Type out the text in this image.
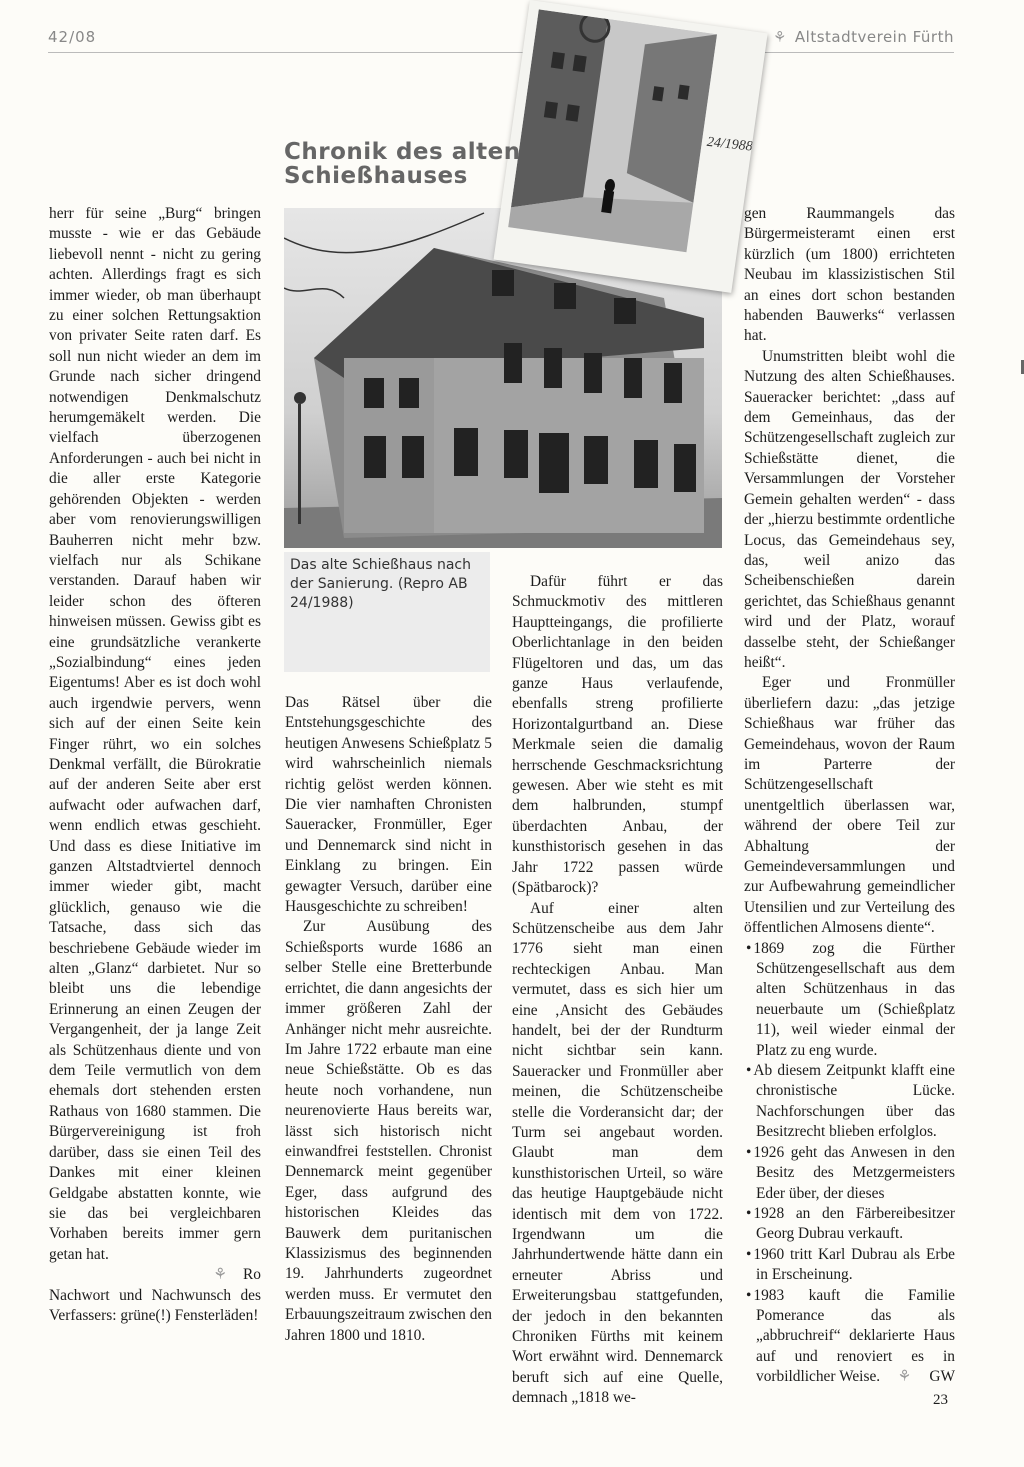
42/08	⚘ Altstadtverein Fürth
Das alte Schießhaus nach der Sanierung. (Repro AB 24/1988)
24/1988
Chronik des alten
Schießhauses

herr für seine „Burg“ bringen musste - wie er das Gebäude liebevoll nennt - nicht zu gering achten. Allerdings fragt es sich immer wieder, ob man überhaupt zu einer solchen Rettungsaktion von privater Seite raten darf. Es soll nun nicht wieder an dem im Grunde nach sicher dringend notwendigen Denkmalschutz herumgemäkelt werden. Die vielfach überzogenen Anforderungen - auch bei nicht in die aller erste Kategorie gehörenden Objekten - werden aber vom renovierungswilligen Bauherren nicht mehr bzw. vielfach nur als Schikane verstanden. Darauf haben wir leider schon des öfteren hinweisen müssen. Gewiss gibt es eine grundsätzliche verankerte „Sozialbindung“ eines jeden Eigentums! Aber es ist doch wohl auch irgendwie pervers, wenn sich auf der einen Seite kein Finger rührt, wo ein solches Denkmal verfällt, die Bürokratie auf der anderen Seite aber erst aufwacht oder aufwachen darf, wenn endlich etwas geschieht. Und dass es diese Initiative im ganzen Altstadtviertel dennoch immer wieder gibt, macht glücklich, genauso wie die Tatsache, dass sich das beschriebene Gebäude wieder im alten „Glanz“ darbietet. Nur so bleibt uns die lebendige Erinnerung an einen Zeugen der Vergangenheit, der ja lange Zeit als Schützenhaus diente und von dem Teile vermutlich von dem ehemals dort stehenden ersten Rathaus von 1680 stammen. Die Bürgervereinigung ist froh darüber, dass sie einen Teil des Dankes mit einer kleinen Geldgabe abstatten konnte, wie sie das bei vergleichbaren Vorhaben bereits immer gern getan hat.

⚘ Ro

Nachwort und Nachwunsch des Verfassers: grüne(!) Fensterläden!

Das Rätsel über die Entstehungsgeschichte des heutigen Anwesens Schießplatz 5 wird wahrscheinlich niemals richtig gelöst werden können. Die vier namhaften Chronisten Saueracker, Fronmüller, Eger und Dennemarck sind nicht in Einklang zu bringen. Ein gewagter Versuch, darüber eine Hausgeschichte zu schreiben!

Zur Ausübung des Schießsports wurde 1686 an selber Stelle eine Bretterbunde errichtet, die dann angesichts der immer größeren Zahl der Anhänger nicht mehr ausreichte. Im Jahre 1722 erbaute man eine neue Schießstätte. Ob es das heute noch vorhandene, nun neurenovierte Haus bereits war, lässt sich historisch nicht einwandfrei feststellen. Chronist Dennemarck meint gegenüber Eger, dass aufgrund des historischen Kleides das Bauwerk dem puritanischen Klassizismus des beginnenden 19. Jahrhunderts zugeordnet werden muss. Er vermutet den Erbauungszeitraum zwischen den Jahren 1800 und 1810.

Dafür führt er das Schmuckmotiv des mittleren Hauptteingangs, die profilierte Oberlichtanlage in den beiden Flügeltoren und das, um das ganze Haus verlaufende, ebenfalls streng profilierte Horizontalgurtband an. Diese Merkmale seien die damalig herrschende Geschmacksrichtung gewesen. Aber wie steht es mit dem halbrunden, stumpf überdachten Anbau, der kunsthistorisch gesehen in das Jahr 1722 passen würde (Spätbarock)?

Auf einer alten Schützenscheibe aus dem Jahr 1776 sieht man einen rechteckigen Anbau. Man vermutet, dass es sich hier um eine ‚Ansicht des Gebäudes handelt, bei der der Rundturm nicht sichtbar sein kann. Saueracker und Fronmüller aber meinen, die Schützenscheibe stelle die Vorderansicht dar; der Turm sei angebaut worden. Glaubt man dem kunsthistorischen Urteil, so wäre das heutige Hauptgebäude nicht identisch mit dem von 1722. Irgendwann um die Jahrhundertwende hätte dann ein erneuter Abriss und Erweiterungsbau stattgefunden, der jedoch in den bekannten Chroniken Fürths mit keinem Wort erwähnt wird. Dennemarck beruft sich auf eine Quelle, demnach „1818 we-

gen Raummangels das Bürgermeisteramt einen erst kürzlich (um 1800) errichteten Neubau im klassizistischen Stil an eines dort schon bestanden habenden Bauwerks“ verlassen hat.

Unumstritten bleibt wohl die Nutzung des alten Schießhauses. Saueracker berichtet: „dass auf dem Gemeinhaus, das der Schützengesellschaft zugleich zur Schießstätte dienet, die Versammlungen der Vorsteher Gemein gehalten werden“ - dass der „hierzu bestimmte ordentliche Locus, das Gemeindehaus sey, das, weil anizo das Scheibenschießen darein gerichtet, das Schießhaus genannt wird und der Platz, worauf dasselbe steht, der Schießanger heißt“.

Eger und Fronmüller überliefern dazu: „das jetzige Schießhaus war früher das Gemeindehaus, wovon der Raum im Parterre der Schützengesellschaft unentgeltlich überlassen war, während der obere Teil zur Abhaltung der Gemeindeversammlungen und zur Aufbewahrung gemeindlicher Utensilien und zur Verteilung des öffentlichen Almosens diente“.

• 1869 zog die Fürther Schützengesellschaft aus dem alten Schützenhaus in das neuerbaute um (Schießplatz 11), weil wieder einmal der Platz zu eng wurde.

• Ab diesem Zeitpunkt klafft eine chronistische Lücke. Nachforschungen über das Besitzrecht blieben erfolglos.

• 1926 geht das Anwesen in den Besitz des Metzgermeisters Eder über, der dieses

• 1928 an den Färbereibesitzer Georg Dubrau verkauft.

• 1960 tritt Karl Dubrau als Erbe in Erscheinung.

• 1983 kauft die Familie Pomerance das als „abbruchreif“ deklarierte Haus auf und renoviert es in vorbildlicher Weise. ⚘ GW

23
